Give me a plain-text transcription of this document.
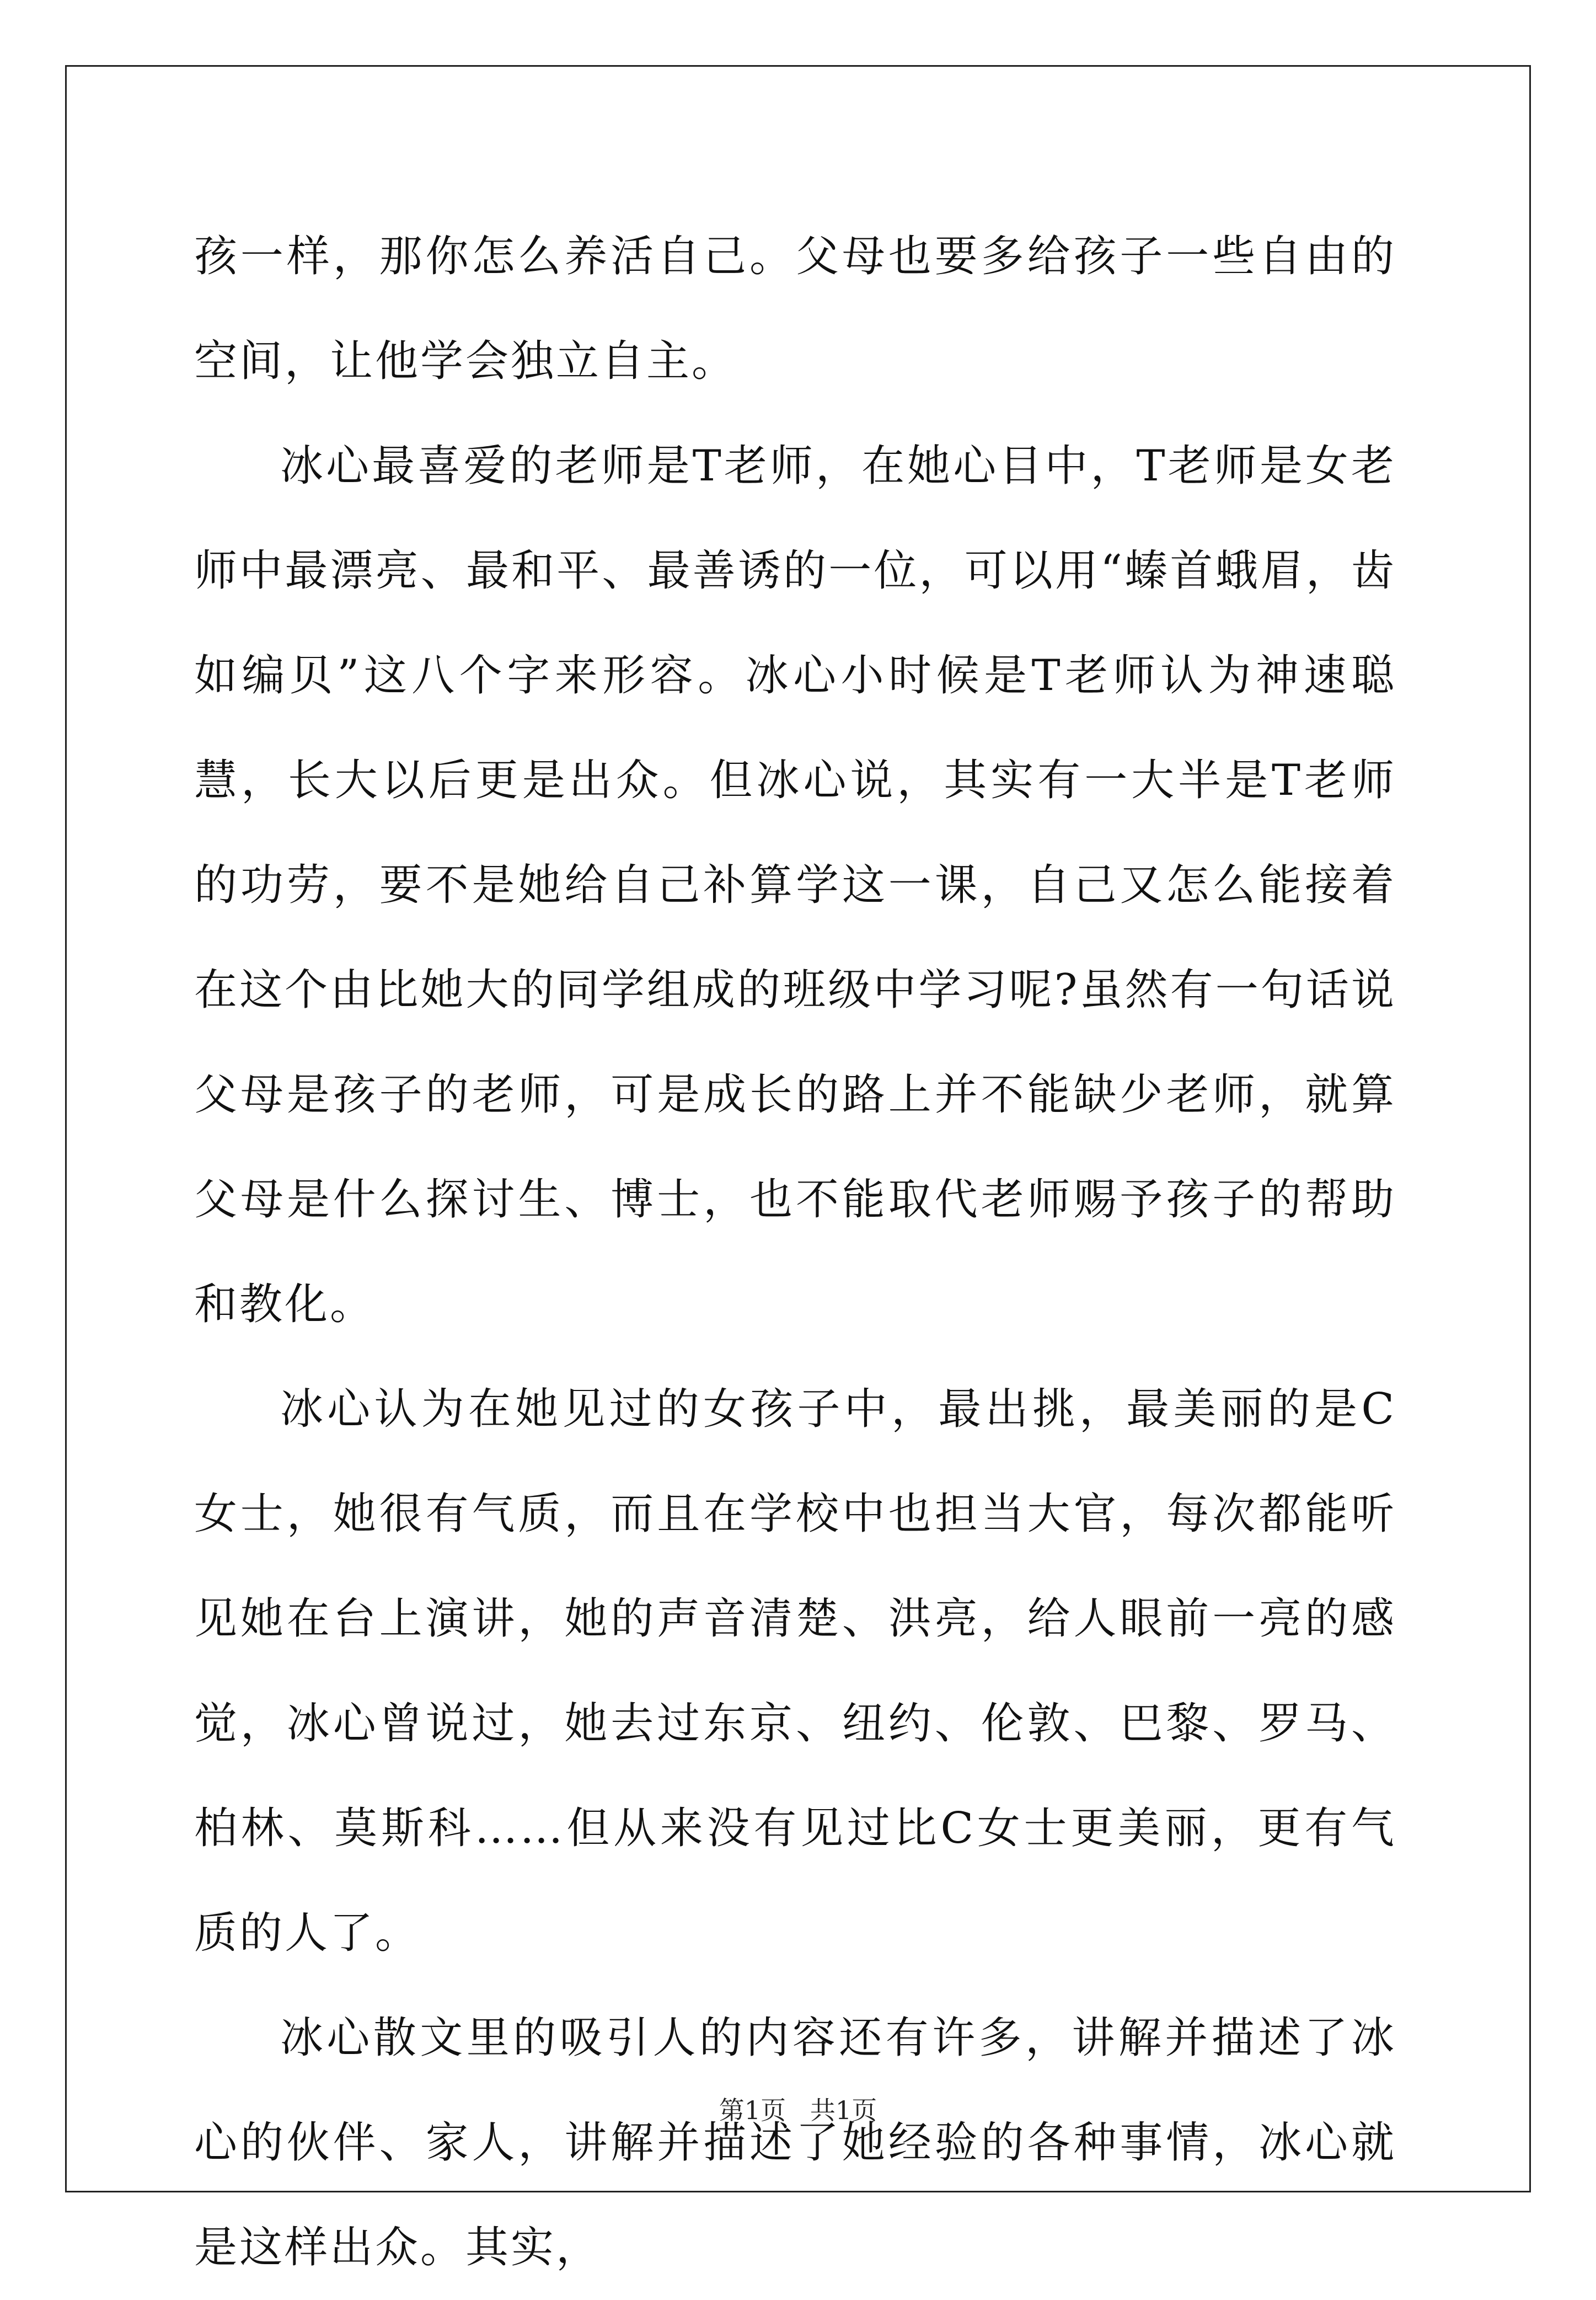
孩一样，那你怎么养活自己。父母也要多给孩子一些自由的空间，让他学会独立自主。

冰心最喜爱的老师是T老师，在她心目中，T老师是女老师中最漂亮、最和平、最善诱的一位，可以用“螓首蛾眉，齿如编贝”这八个字来形容。冰心小时候是T老师认为神速聪慧，长大以后更是出众。但冰心说，其实有一大半是T老师的功劳，要不是她给自己补算学这一课，自己又怎么能接着在这个由比她大的同学组成的班级中学习呢?虽然有一句话说父母是孩子的老师，可是成长的路上并不能缺少老师，就算父母是什么探讨生、博士，也不能取代老师赐予孩子的帮助和教化。

冰心认为在她见过的女孩子中，最出挑，最美丽的是C女士，她很有气质，而且在学校中也担当大官，每次都能听见她在台上演讲，她的声音清楚、洪亮，给人眼前一亮的感觉，冰心曾说过，她去过东京、纽约、伦敦、巴黎、罗马、柏林、莫斯科……但从来没有见过比C女士更美丽，更有气质的人了。

冰心散文里的吸引人的内容还有许多，讲解并描述了冰心的伙伴、家人，讲解并描述了她经验的各种事情，冰心就是这样出众。其实，

第1页   共1页
